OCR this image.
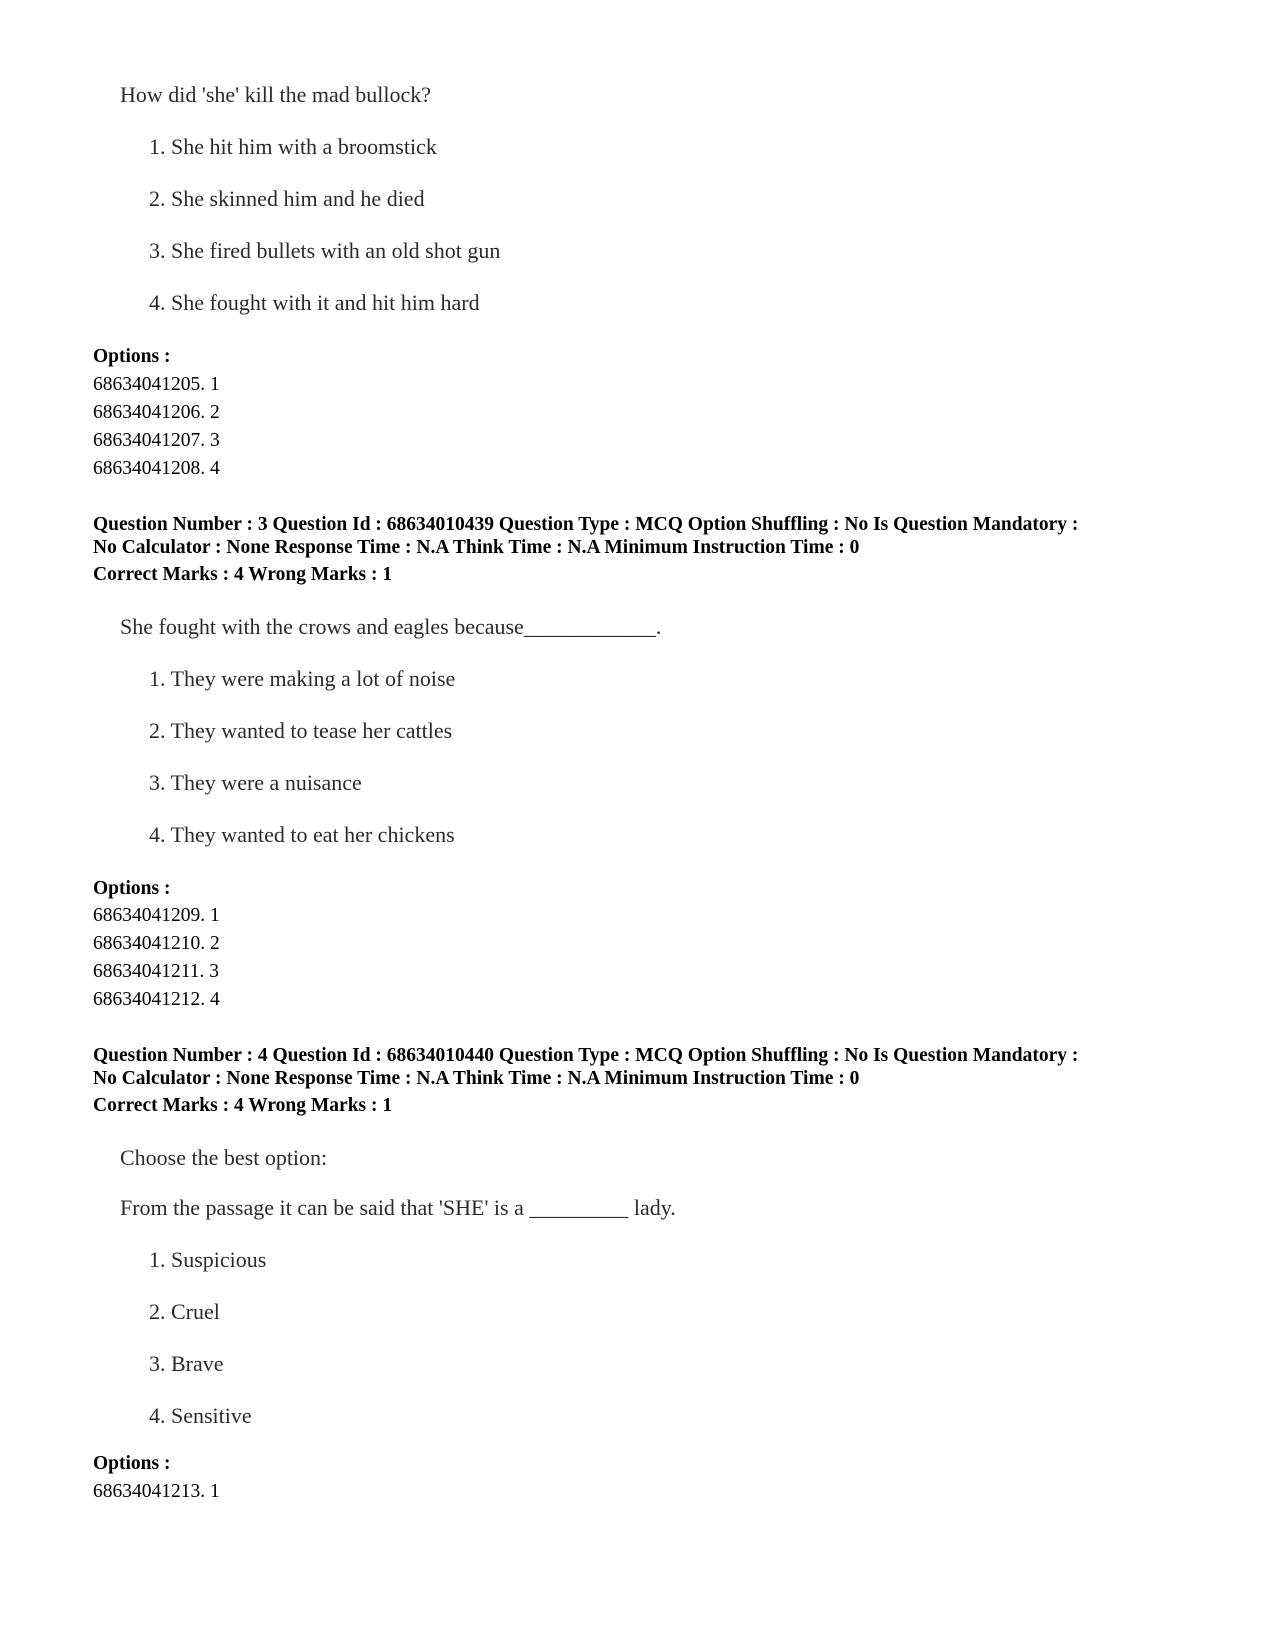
How did 'she' kill the mad bullock?
1. She hit him with a broomstick
2. She skinned him and he died
3. She fired bullets with an old shot gun
4. She fought with it and hit him hard
Options :
68634041205. 1
68634041206. 2
68634041207. 3
68634041208. 4
Question Number : 3 Question Id : 68634010439 Question Type : MCQ Option Shuffling : No Is Question Mandatory :
No Calculator : None Response Time : N.A Think Time : N.A Minimum Instruction Time : 0
Correct Marks : 4 Wrong Marks : 1
She fought with the crows and eagles because____________.
1. They were making a lot of noise
2. They wanted to tease her cattles
3. They were a nuisance
4. They wanted to eat her chickens
Options :
68634041209. 1
68634041210. 2
68634041211. 3
68634041212. 4
Question Number : 4 Question Id : 68634010440 Question Type : MCQ Option Shuffling : No Is Question Mandatory :
No Calculator : None Response Time : N.A Think Time : N.A Minimum Instruction Time : 0
Correct Marks : 4 Wrong Marks : 1
Choose the best option:
From the passage it can be said that 'SHE' is a _________ lady.
1. Suspicious
2. Cruel
3. Brave
4. Sensitive
Options :
68634041213. 1
